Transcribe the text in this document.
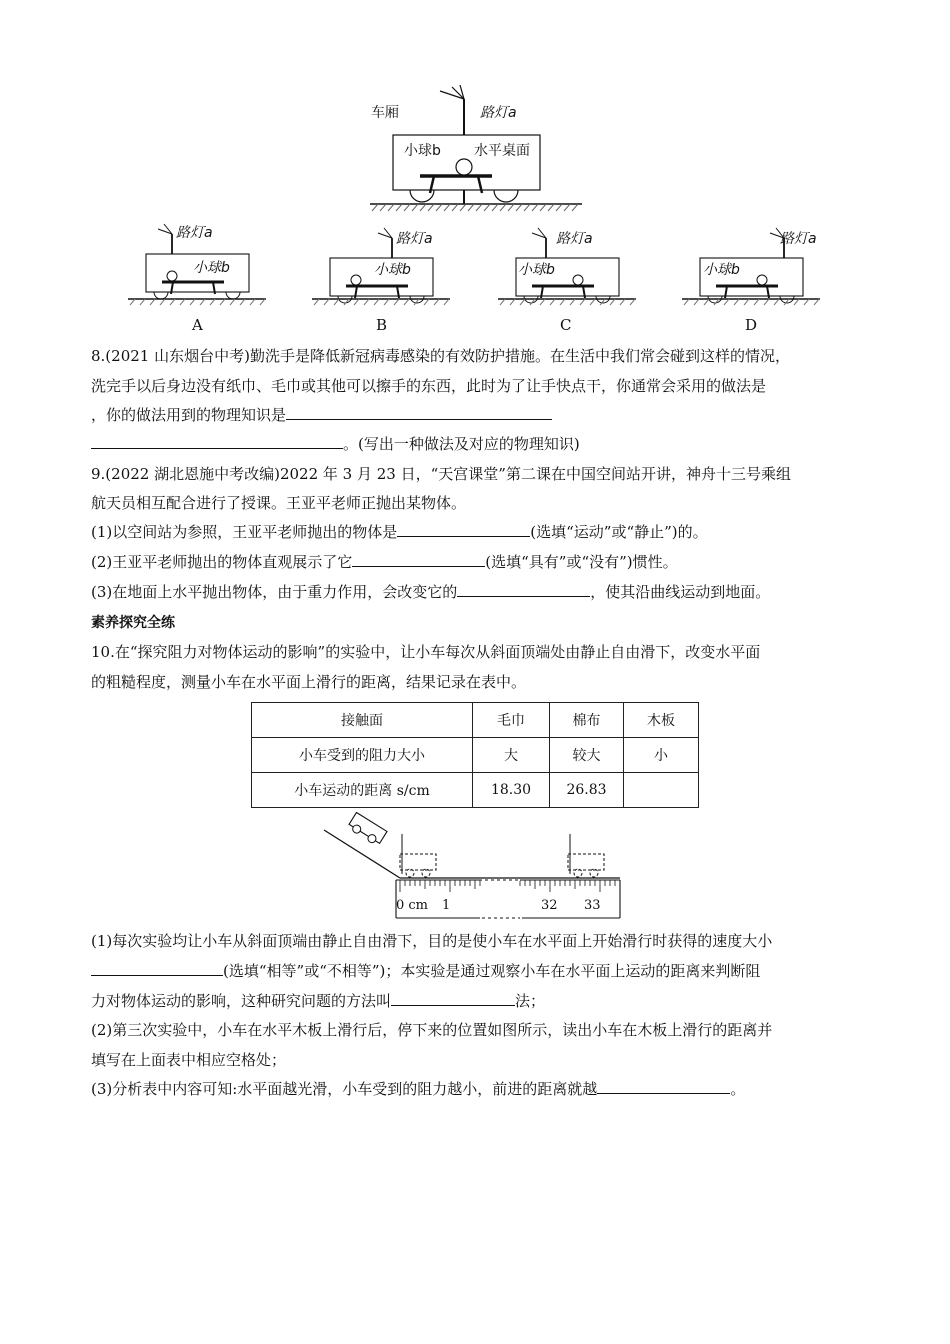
车厢	路灯a
小球b 水平桌面
路灯a
小球b
A
路灯a
小球b
B
路灯a
小球b
C
路灯a
小球b
D
8.(2021 山东烟台中考)勤洗手是降低新冠病毒感染的有效防护措施。在生活中我们常会碰到这样的情况，
洗完手以后身边没有纸巾、毛巾或其他可以擦手的东西，此时为了让手快点干，你通常会采用的做法是
，你的做法用到的物理知识是
。(写出一种做法及对应的物理知识)
9.(2022 湖北恩施中考改编)2022 年 3 月 23 日，“天宫课堂”第二课在中国空间站开讲，神舟十三号乘组
航天员相互配合进行了授课。王亚平老师正抛出某物体。
(1)以空间站为参照，王亚平老师抛出的物体是	(选填“运动”或“静止”)的。
(2)王亚平老师抛出的物体直观展示了它	(选填“具有”或“没有”)惯性。
(3)在地面上水平抛出物体，由于重力作用，会改变它的	，使其沿曲线运动到地面。
素养探究全练
10.在“探究阻力对物体运动的影响”的实验中，让小车每次从斜面顶端处由静止自由滑下，改变水平面
的粗糙程度，测量小车在水平面上滑行的距离，结果记录在表中。
接触面	毛巾	棉布	木板
小车受到的阻力大小	大	较大	小
小车运动的距离 s/cm	18.30	26.83	
0 cm 1	32 33
(1)每次实验均让小车从斜面顶端由静止自由滑下，目的是使小车在水平面上开始滑行时获得的速度大小
(选填“相等”或“不相等”)；本实验是通过观察小车在水平面上运动的距离来判断阻
力对物体运动的影响，这种研究问题的方法叫	法；
(2)第三次实验中，小车在水平木板上滑行后，停下来的位置如图所示，读出小车在木板上滑行的距离并
填写在上面表中相应空格处；
(3)分析表中内容可知:水平面越光滑，小车受到的阻力越小，前进的距离就越	。
